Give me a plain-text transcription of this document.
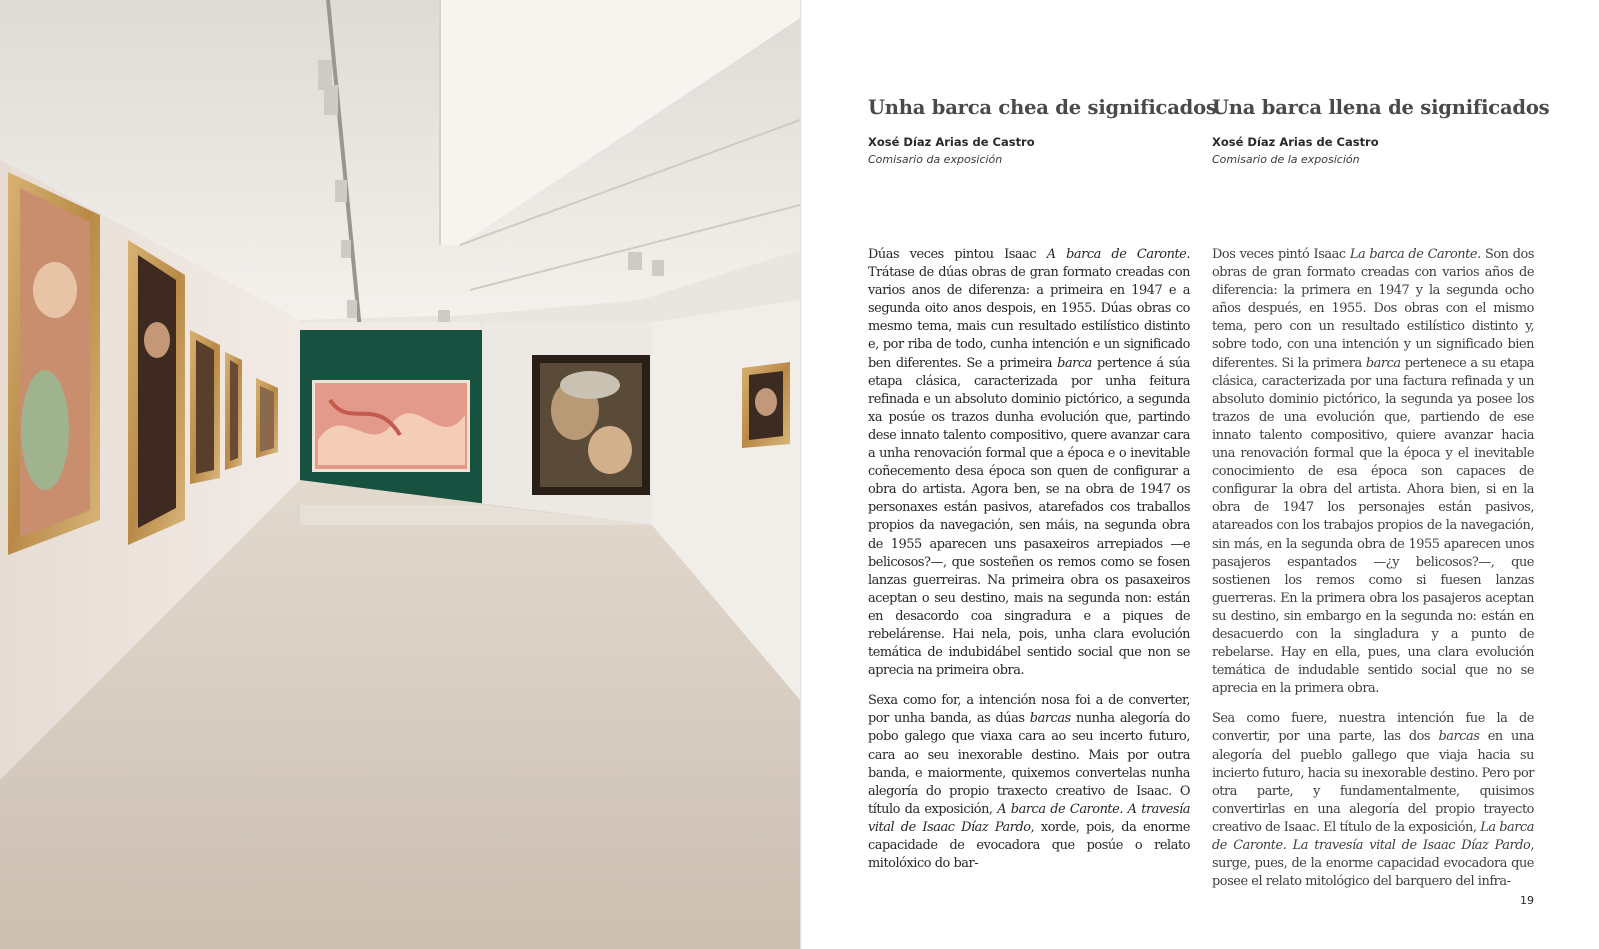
Unha barca chea de significados
Xosé Díaz Arias de Castro
Comisario da exposición

Dúas veces pintou Isaac A barca de Caronte. Trátase de dúas obras de gran formato creadas con varios anos de diferenza: a primeira en 1947 e a segunda oito anos despois, en 1955. Dúas obras co mesmo tema, mais cun resultado estilístico distinto e, por riba de todo, cunha intención e un significado ben diferentes. Se a primeira barca pertence á súa etapa clásica, caracterizada por unha feitura refinada e un absoluto dominio pictórico, a segunda xa posúe os trazos dunha evolución que, partindo dese innato talento compositivo, quere avanzar cara a unha renovación formal que a época e o inevitable coñecemento desa época son quen de configurar a obra do artista. Agora ben, se na obra de 1947 os personaxes están pasivos, atarefados cos traballos propios da navegación, sen máis, na segunda obra de 1955 aparecen uns pasaxeiros arrepiados —e belicosos?—, que sosteñen os remos como se fosen lanzas guerreiras. Na primeira obra os pasaxeiros aceptan o seu destino, mais na segunda non: están en desacordo coa singradura e a piques de rebelárense. Hai nela, pois, unha clara evolución temática de indubidábel sentido social que non se aprecia na primeira obra.

Sexa como for, a intención nosa foi a de converter, por unha banda, as dúas barcas nunha alegoría do pobo galego que viaxa cara ao seu incerto futuro, cara ao seu inexorable destino. Mais por outra banda, e maiormente, quixemos convertelas nunha alegoría do propio traxecto creativo de Isaac. O título da exposición, A barca de Caronte. A travesía vital de Isaac Díaz Pardo, xorde, pois, da enorme capacidade de evocadora que posúe o relato mitolóxico do bar-

Una barca llena de significados
Xosé Díaz Arias de Castro
Comisario de la exposición

Dos veces pintó Isaac La barca de Caronte. Son dos obras de gran formato creadas con varios años de diferencia: la primera en 1947 y la segunda ocho años después, en 1955. Dos obras con el mismo tema, pero con un resultado estilístico distinto y, sobre todo, con una intención y un significado bien diferentes. Si la primera barca pertenece a su etapa clásica, caracterizada por una factura refinada y un absoluto dominio pictórico, la segunda ya posee los trazos de una evolución que, partiendo de ese innato talento compositivo, quiere avanzar hacia una renovación formal que la época y el inevitable conocimiento de esa época son capaces de configurar la obra del artista. Ahora bien, si en la obra de 1947 los personajes están pasivos, atareados con los trabajos propios de la navegación, sin más, en la segunda obra de 1955 aparecen unos pasajeros espantados —¿y belicosos?—, que sostienen los remos como si fuesen lanzas guerreras. En la primera obra los pasajeros aceptan su destino, sin embargo en la segunda no: están en desacuerdo con la singladura y a punto de rebelarse. Hay en ella, pues, una clara evolución temática de indudable sentido social que no se aprecia en la primera obra.

Sea como fuere, nuestra intención fue la de convertir, por una parte, las dos barcas en una alegoría del pueblo gallego que viaja hacia su incierto futuro, hacia su inexorable destino. Pero por otra parte, y fundamentalmente, quisimos convertirlas en una alegoría del propio trayecto creativo de Isaac. El título de la exposición, La barca de Caronte. La travesía vital de Isaac Díaz Pardo, surge, pues, de la enorme capacidad evocadora que posee el relato mitológico del barquero del infra-

19
